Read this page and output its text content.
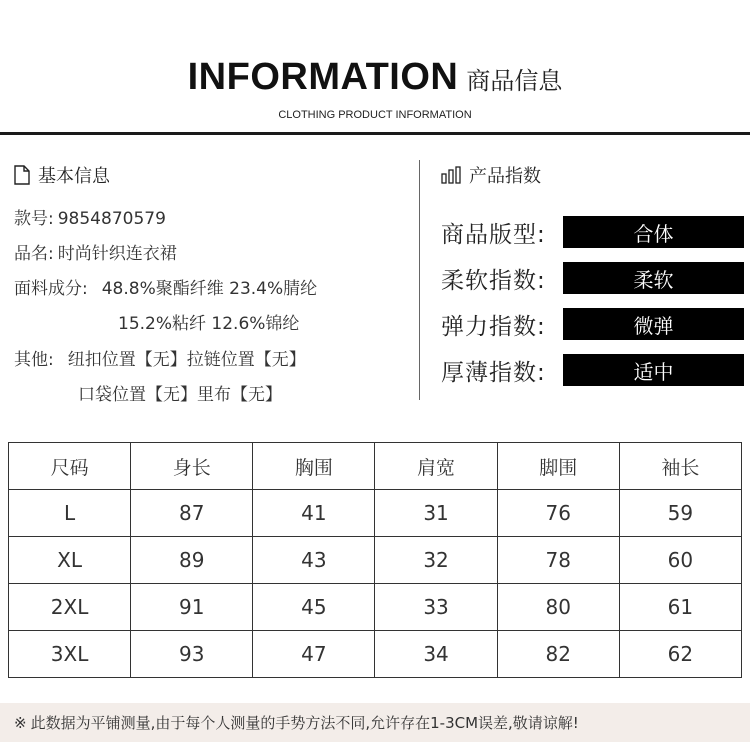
INFORMATION 商品信息
CLOTHING PRODUCT INFORMATION
基本信息
款号: 9854870579
品名: 时尚针织连衣裙
面料成分: 48.8%聚酯纤维 23.4%腈纶
15.2%粘纤 12.6%锦纶
其他: 纽扣位置【无】拉链位置【无】
口袋位置【无】里布【无】
产品指数
商品版型:	合体
柔软指数:	柔软
弹力指数:	微弹
厚薄指数:	适中
尺码	身长	胸围	肩宽	脚围	袖长
L	87	41	31	76	59
XL	89	43	32	78	60
2XL	91	45	33	80	61
3XL	93	47	34	82	62
※ 此数据为平铺测量,由于每个人测量的手势方法不同,允许存在1-3CM误差,敬请谅解!
